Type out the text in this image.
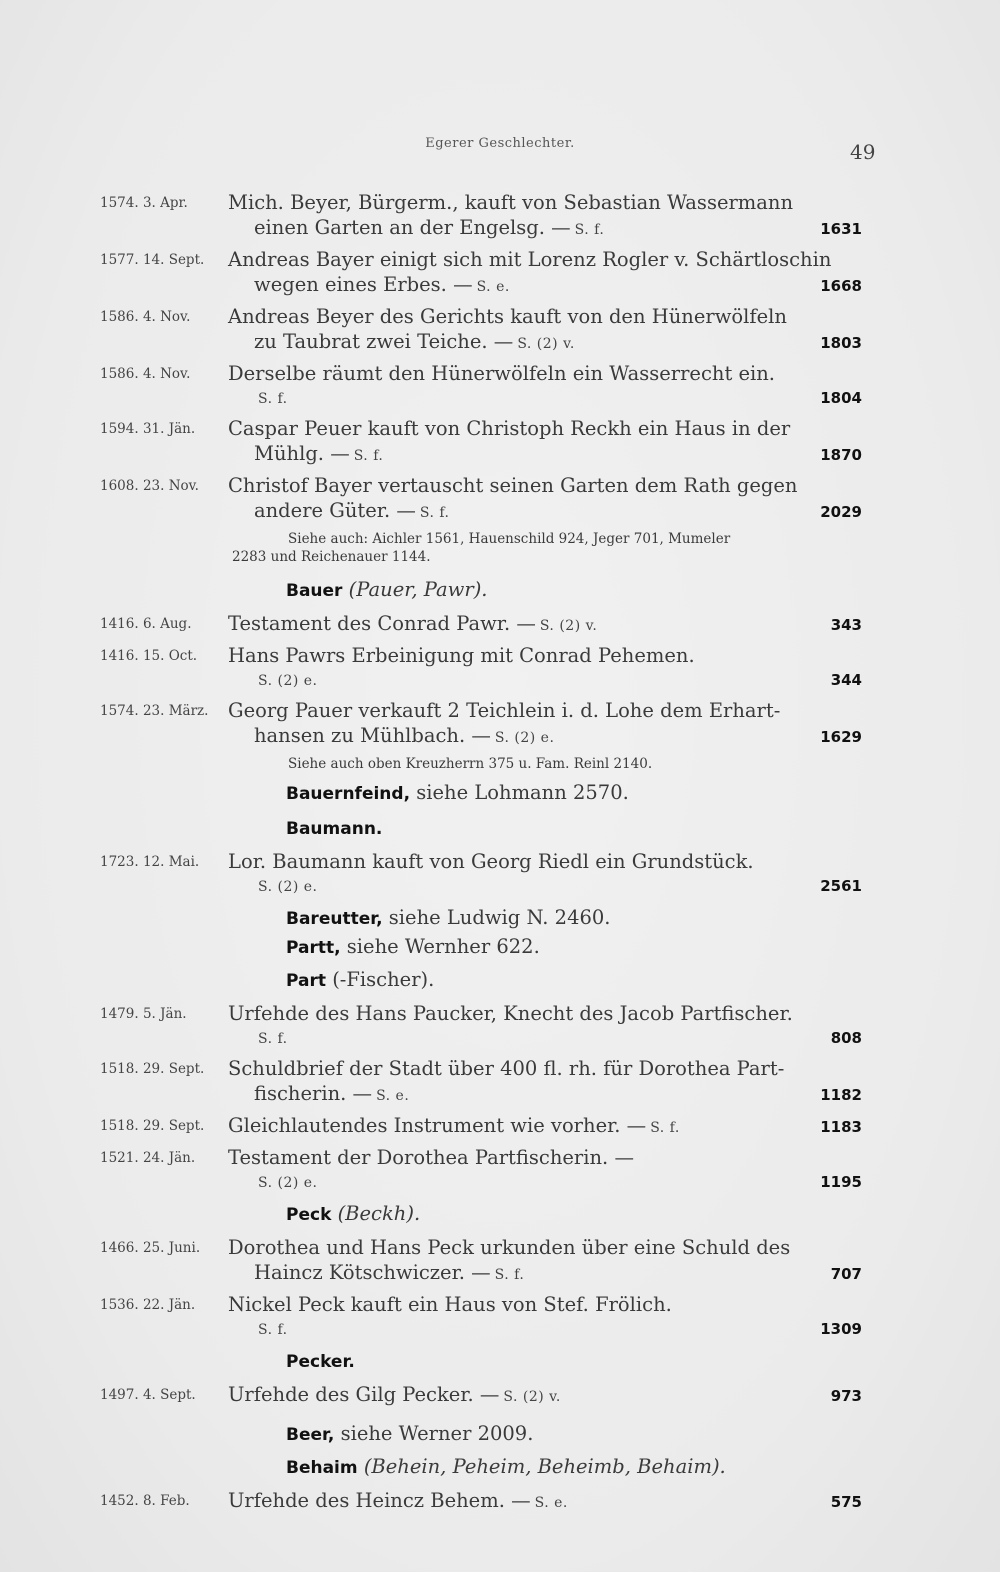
Egerer Geschlechter.	49
1574. 3. Apr. Mich. Beyer, Bürgerm., kauft von Sebastian Wassermann
einen Garten an der Engelsg. — S. f.	1631
1577. 14. Sept. Andreas Bayer einigt sich mit Lorenz Rogler v. Schärtloschin
wegen eines Erbes. — S. e.	1668
1586. 4. Nov. Andreas Beyer des Gerichts kauft von den Hünerwölfeln
zu Taubrat zwei Teiche. — S. (2) v.	1803
1586. 4. Nov. Derselbe räumt den Hünerwölfeln ein Wasserrecht ein.
S. f.	1804
1594. 31. Jän. Caspar Peuer kauft von Christoph Reckh ein Haus in der
Mühlg. — S. f.	1870
1608. 23. Nov. Christof Bayer vertauscht seinen Garten dem Rath gegen
andere Güter. — S. f.	2029
Siehe auch: Aichler 1561, Hauenschild 924, Jeger 701, Mumeler
2283 und Reichenauer 1144.
Bauer (Pauer, Pawr).
1416. 6. Aug. Testament des Conrad Pawr. — S. (2) v.	343
1416. 15. Oct. Hans Pawrs Erbeinigung mit Conrad Pehemen.
S. (2) e.	344
1574. 23. März. Georg Pauer verkauft 2 Teichlein i. d. Lohe dem Erhart-
hansen zu Mühlbach. — S. (2) e.	1629
Siehe auch oben Kreuzherrn 375 u. Fam. Reinl 2140.
Bauernfeind, siehe Lohmann 2570.
Baumann.
1723. 12. Mai. Lor. Baumann kauft von Georg Riedl ein Grundstück.
S. (2) e.	2561
Bareutter, siehe Ludwig N. 2460.
Partt, siehe Wernher 622.
Part (-Fischer).
1479. 5. Jän. Urfehde des Hans Paucker, Knecht des Jacob Partfischer.
S. f.	808
1518. 29. Sept. Schuldbrief der Stadt über 400 fl. rh. für Dorothea Part-
fischerin. — S. e.	1182
1518. 29. Sept. Gleichlautendes Instrument wie vorher. — S. f.	1183
1521. 24. Jän. Testament der Dorothea Partfischerin. —
S. (2) e.	1195
Peck (Beckh).
1466. 25. Juni. Dorothea und Hans Peck urkunden über eine Schuld des
Haincz Kötschwiczer. — S. f.	707
1536. 22. Jän. Nickel Peck kauft ein Haus von Stef. Frölich.
S. f.	1309
Pecker.
1497. 4. Sept. Urfehde des Gilg Pecker. — S. (2) v.	973
Beer, siehe Werner 2009.
Behaim (Behein, Peheim, Beheimb, Behaim).
1452. 8. Feb. Urfehde des Heincz Behem. — S. e.	575
